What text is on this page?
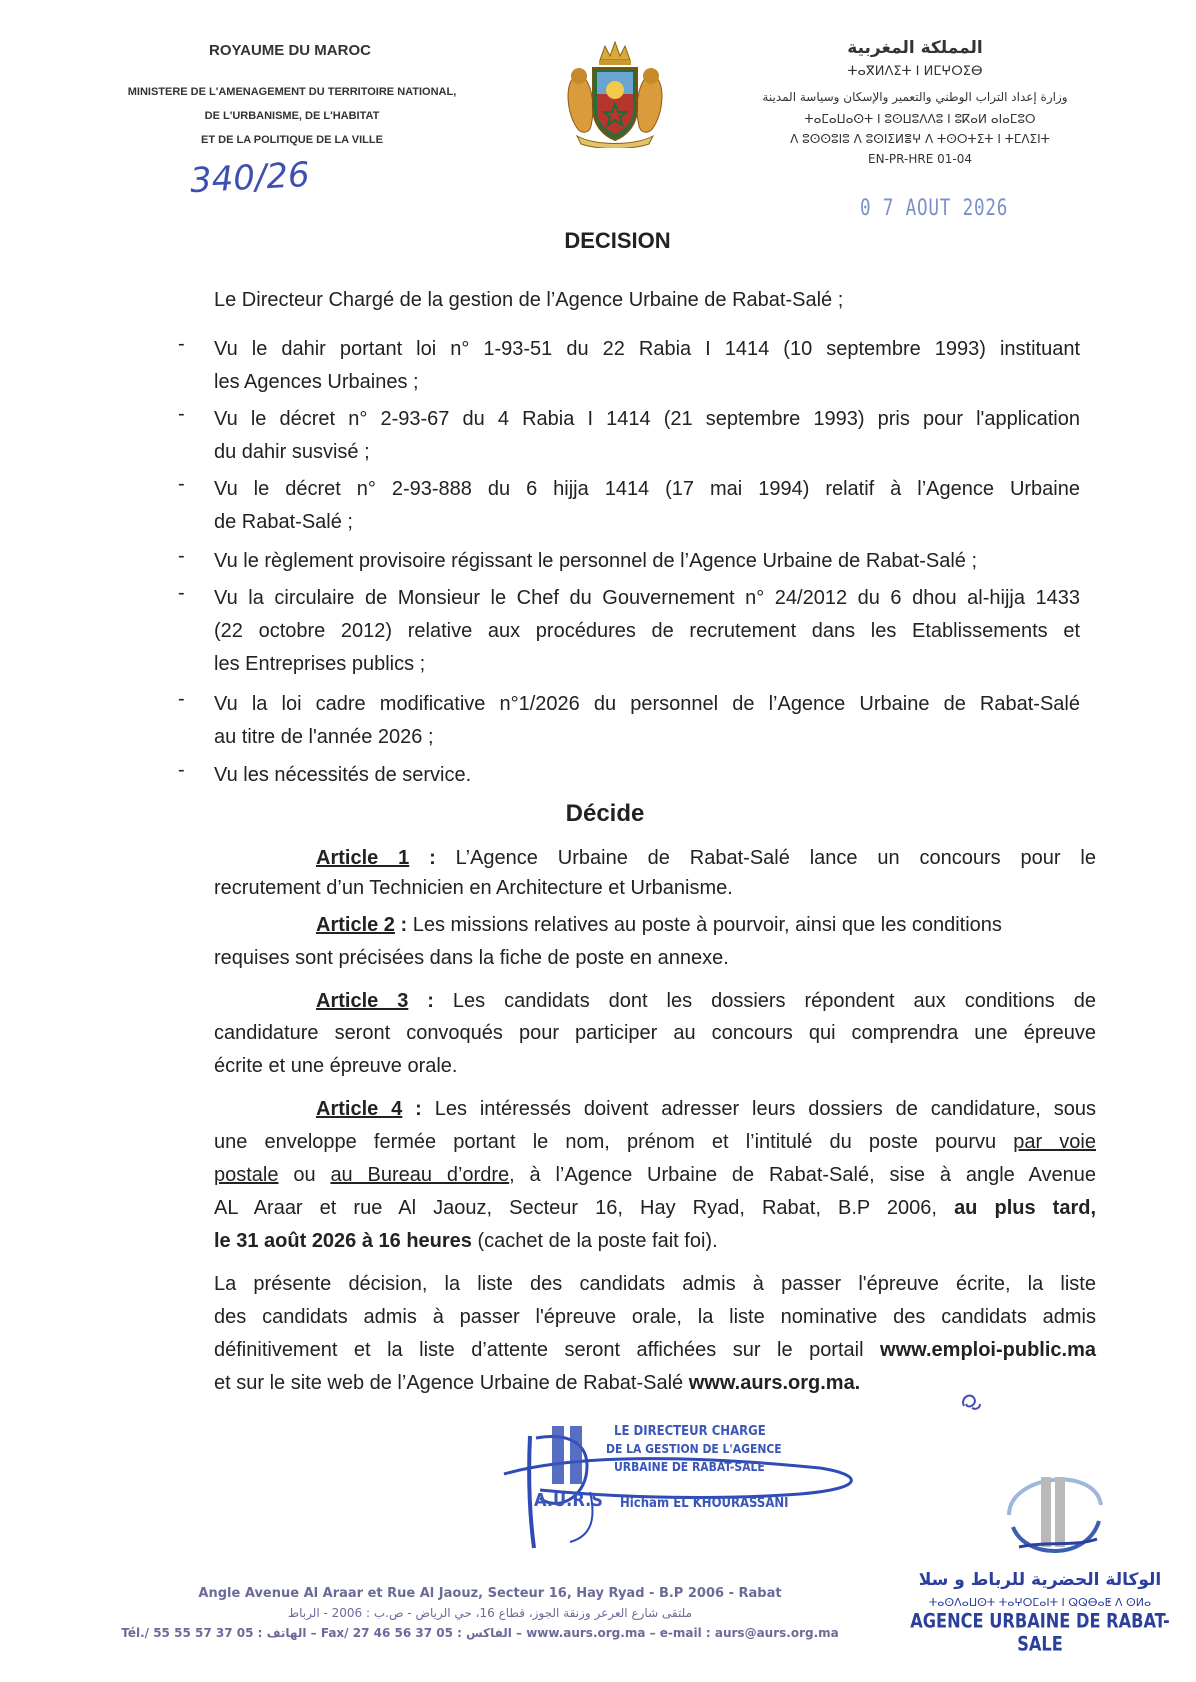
ROYAUME DU MAROC
MINISTERE DE L'AMENAGEMENT DU TERRITOIRE NATIONAL,
DE L'URBANISME, DE L'HABITAT
ET DE LA POLITIQUE DE LA VILLE
340/26
المملكة المغربية
ⵜⴰⴳⵍⴷⵉⵜ ⵏ ⵍⵎⵖⵔⵉⴱ
وزارة إعداد التراب الوطني والتعمير والإسكان وسياسة المدينة
ⵜⴰⵎⴰⵡⴰⵙⵜ ⵏ ⵓⵙⵡⵓⴷⴷⵓ ⵏ ⵓⴽⴰⵍ ⴰⵏⴰⵎⵓⵔ
ⴷ ⵓⵙⵙⵓⵏⵓ ⴷ ⵓⵙⵏⵉⵍⴻⵖ ⴷ ⵜⵙⵔⵜⵉⵜ ⵏ ⵜⵎⴷⵉⵏⵜ
EN-PR-HRE 01-04
0 7 AOUT 2026
DECISION
Le Directeur Chargé de la gestion de l’Agence Urbaine de Rabat-Salé ;
- Vu le dahir portant loi n° 1-93-51 du 22 Rabia I 1414 (10 septembre 1993) instituant
les Agences Urbaines ;
- Vu le décret n° 2-93-67 du 4 Rabia I 1414 (21 septembre 1993) pris pour l'application
du dahir susvisé ;
- Vu le décret n° 2-93-888 du 6 hijja 1414 (17 mai 1994) relatif à l’Agence Urbaine
de Rabat-Salé ;
- Vu le règlement provisoire régissant le personnel de l’Agence Urbaine de Rabat-Salé ;
- Vu la circulaire de Monsieur le Chef du Gouvernement n° 24/2012 du 6 dhou al-hijja 1433
(22 octobre 2012) relative aux procédures de recrutement dans les Etablissements et
les Entreprises publics ;
- Vu la loi cadre modificative n°1/2026 du personnel de l’Agence Urbaine de Rabat-Salé
au titre de l'année 2026 ;
- Vu les nécessités de service.
Décide
Article 1 : L’Agence Urbaine de Rabat-Salé lance un concours pour le
recrutement d’un Technicien en Architecture et Urbanisme.
Article 2 : Les missions relatives au poste à pourvoir, ainsi que les conditions
requises sont précisées dans la fiche de poste en annexe.
Article 3 : Les candidats dont les dossiers répondent aux conditions de
candidature seront convoqués pour participer au concours qui comprendra une épreuve
écrite et une épreuve orale.
Article 4 : Les intéressés doivent adresser leurs dossiers de candidature, sous
une enveloppe fermée portant le nom, prénom et l’intitulé du poste pourvu par voie
postale ou au Bureau d’ordre, à l’Agence Urbaine de Rabat-Salé, sise à angle Avenue
AL Araar et rue Al Jaouz, Secteur 16, Hay Ryad, Rabat, B.P 2006, au plus tard,
le 31 août 2026 à 16 heures (cachet de la poste fait foi).
La présente décision, la liste des candidats admis à passer l'épreuve écrite, la liste
des candidats admis à passer l'épreuve orale, la liste nominative des candidats admis
définitivement et la liste d’attente seront affichées sur le portail www.emploi-public.ma
et sur le site web de l’Agence Urbaine de Rabat-Salé www.aurs.org.ma.
LE DIRECTEUR CHARGE
DE LA GESTION DE L'AGENCE
URBAINE DE RABAT-SALE
A.U.R.S Hicham EL KHOURASSANI
الوكالة الحضرية للرباط و سلا
ⵜⴰⵙⴷⴰⵡⵙⵜ ⵜⴰⵖⵔⵎⴰⵏⵜ ⵏ ⵕⵕⴱⴰⵟ ⴷ ⵙⵍⴰ
AGENCE URBAINE DE RABAT-SALE
Angle Avenue Al Araar et Rue Al Jaouz, Secteur 16, Hay Ryad - B.P 2006 - Rabat
ملتقى شارع العرعر وزنقة الجوز، قطاع 16، حي الرياض - ص.ب : 2006 - الرباط
Tél./ الهاتف : 05 37 57 55 55 – Fax/ الفاكس : 05 37 56 46 27 – www.aurs.org.ma – e-mail : aurs@aurs.org.ma
